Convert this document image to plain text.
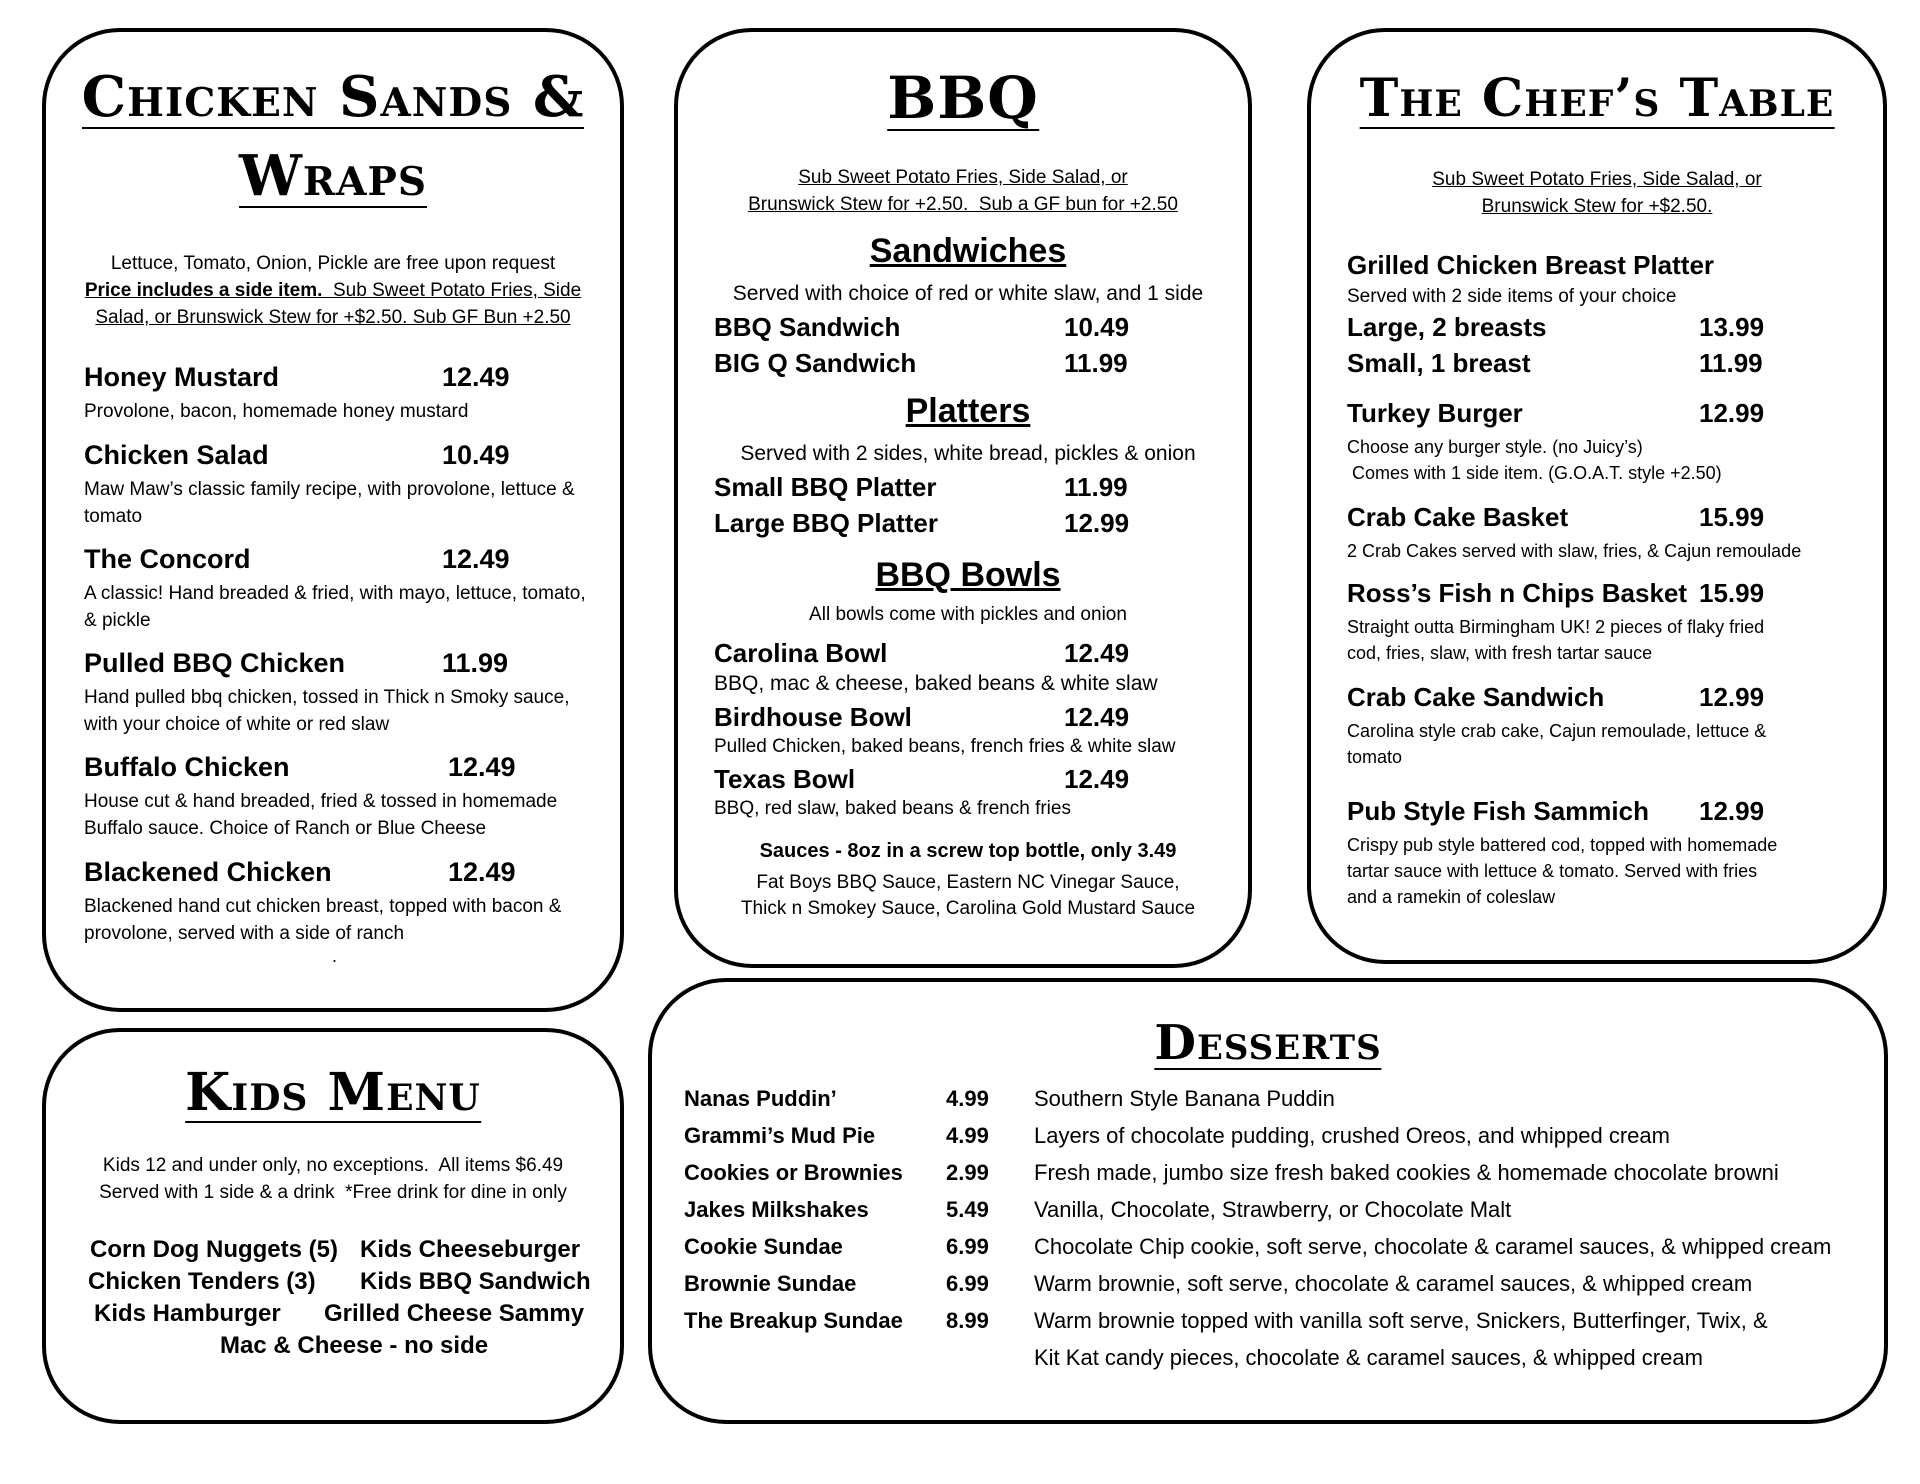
Chicken Sands &
Wraps
Lettuce, Tomato, Onion, Pickle are free upon request
Price includes a side item.  Sub Sweet Potato Fries, Side
Salad, or Brunswick Stew for +$2.50. Sub GF Bun +2.50
Honey Mustard	12.49
Provolone, bacon, homemade honey mustard
Chicken Salad	10.49
Maw Maw’s classic family recipe, with provolone, lettuce & tomato
The Concord	12.49
A classic! Hand breaded & fried, with mayo, lettuce, tomato, & pickle
Pulled BBQ Chicken	11.99
Hand pulled bbq chicken, tossed in Thick n Smoky sauce, with your choice of white or red slaw
Buffalo Chicken	12.49
House cut & hand breaded, fried & tossed in homemade Buffalo sauce. Choice of Ranch or Blue Cheese
Blackened Chicken	12.49
Blackened hand cut chicken breast, topped with bacon & provolone, served with a side of ranch
.
BBQ
Sub Sweet Potato Fries, Side Salad, or
Brunswick Stew for +2.50.  Sub a GF bun for +2.50
Sandwiches
Served with choice of red or white slaw, and 1 side
BBQ Sandwich	10.49
BIG Q Sandwich	11.99
Platters
Served with 2 sides, white bread, pickles & onion
Small BBQ Platter	11.99
Large BBQ Platter	12.99
BBQ Bowls
All bowls come with pickles and onion
Carolina Bowl	12.49
BBQ, mac & cheese, baked beans & white slaw
Birdhouse Bowl	12.49
Pulled Chicken, baked beans, french fries & white slaw
Texas Bowl	12.49
BBQ, red slaw, baked beans & french fries
Sauces - 8oz in a screw top bottle, only 3.49
Fat Boys BBQ Sauce, Eastern NC Vinegar Sauce,
Thick n Smokey Sauce, Carolina Gold Mustard Sauce
The Chef’s Table
Sub Sweet Potato Fries, Side Salad, or
Brunswick Stew for +$2.50.
Grilled Chicken Breast Platter
Served with 2 side items of your choice
Large, 2 breasts	13.99
Small, 1 breast	11.99
Turkey Burger	12.99
Choose any burger style. (no Juicy’s)
Comes with 1 side item. (G.O.A.T. style +2.50)
Crab Cake Basket	15.99
2 Crab Cakes served with slaw, fries, & Cajun remoulade
Ross’s Fish n Chips Basket 15.99
Straight outta Birmingham UK! 2 pieces of flaky fried
cod, fries, slaw, with fresh tartar sauce
Crab Cake Sandwich	12.99
Carolina style crab cake, Cajun remoulade, lettuce &
tomato
Pub Style Fish Sammich 12.99
Crispy pub style battered cod, topped with homemade
tartar sauce with lettuce & tomato. Served with fries
and a ramekin of coleslaw
Kids Menu
Kids 12 and under only, no exceptions.  All items $6.49
Served with 1 side & a drink  *Free drink for dine in only
Corn Dog Nuggets (5) Kids Cheeseburger
Chicken Tenders (3) Kids BBQ Sandwich
Kids Hamburger Grilled Cheese Sammy
Mac & Cheese - no side
Desserts
Nanas Puddin’	4.99 Southern Style Banana Puddin
Grammi’s Mud Pie	4.99 Layers of chocolate pudding, crushed Oreos, and whipped cream
Cookies or Brownies 2.99 Fresh made, jumbo size fresh baked cookies & homemade chocolate browni
Jakes Milkshakes	5.49 Vanilla, Chocolate, Strawberry, or Chocolate Malt
Cookie Sundae	6.99 Chocolate Chip cookie, soft serve, chocolate & caramel sauces, & whipped cream
Brownie Sundae	6.99 Warm brownie, soft serve, chocolate & caramel sauces, & whipped cream
The Breakup Sundae 8.99 Warm brownie topped with vanilla soft serve, Snickers, Butterfinger, Twix, &
Kit Kat candy pieces, chocolate & caramel sauces, & whipped cream
